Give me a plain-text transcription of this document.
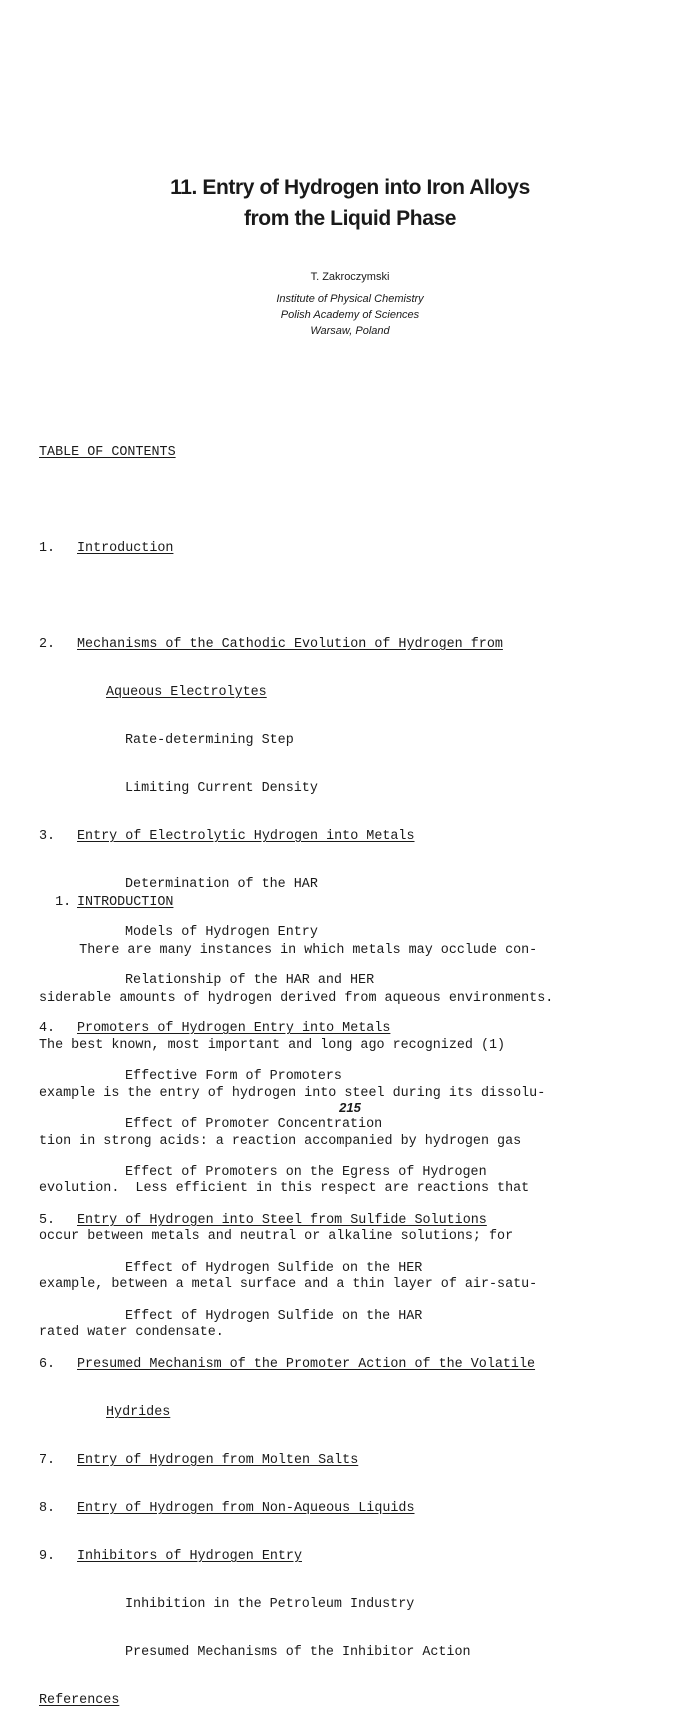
11. Entry of Hydrogen into Iron Alloys
from the Liquid Phase
T. Zakroczymski
Institute of Physical Chemistry
Polish Academy of Sciences
Warsaw, Poland

TABLE OF CONTENTS

1. Introduction

2. Mechanisms of the Cathodic Evolution of Hydrogen from

Aqueous Electrolytes

Rate-determining Step

Limiting Current Density

3. Entry of Electrolytic Hydrogen into Metals

Determination of the HAR

Models of Hydrogen Entry

Relationship of the HAR and HER

4. Promoters of Hydrogen Entry into Metals

Effective Form of Promoters

Effect of Promoter Concentration

Effect of Promoters on the Egress of Hydrogen

5. Entry of Hydrogen into Steel from Sulfide Solutions

Effect of Hydrogen Sulfide on the HER

Effect of Hydrogen Sulfide on the HAR

6. Presumed Mechanism of the Promoter Action of the Volatile

Hydrides

7. Entry of Hydrogen from Molten Salts

8. Entry of Hydrogen from Non-Aqueous Liquids

9. Inhibitors of Hydrogen Entry

Inhibition in the Petroleum Industry

Presumed Mechanisms of the Inhibitor Action

References

1. INTRODUCTION

There are many instances in which metals may occlude con-

siderable amounts of hydrogen derived from aqueous environments.

The best known, most important and long ago recognized (1)

example is the entry of hydrogen into steel during its dissolu-

tion in strong acids: a reaction accompanied by hydrogen gas

evolution.  Less efficient in this respect are reactions that

occur between metals and neutral or alkaline solutions; for

example, between a metal surface and a thin layer of air-satu-

rated water condensate.

215
